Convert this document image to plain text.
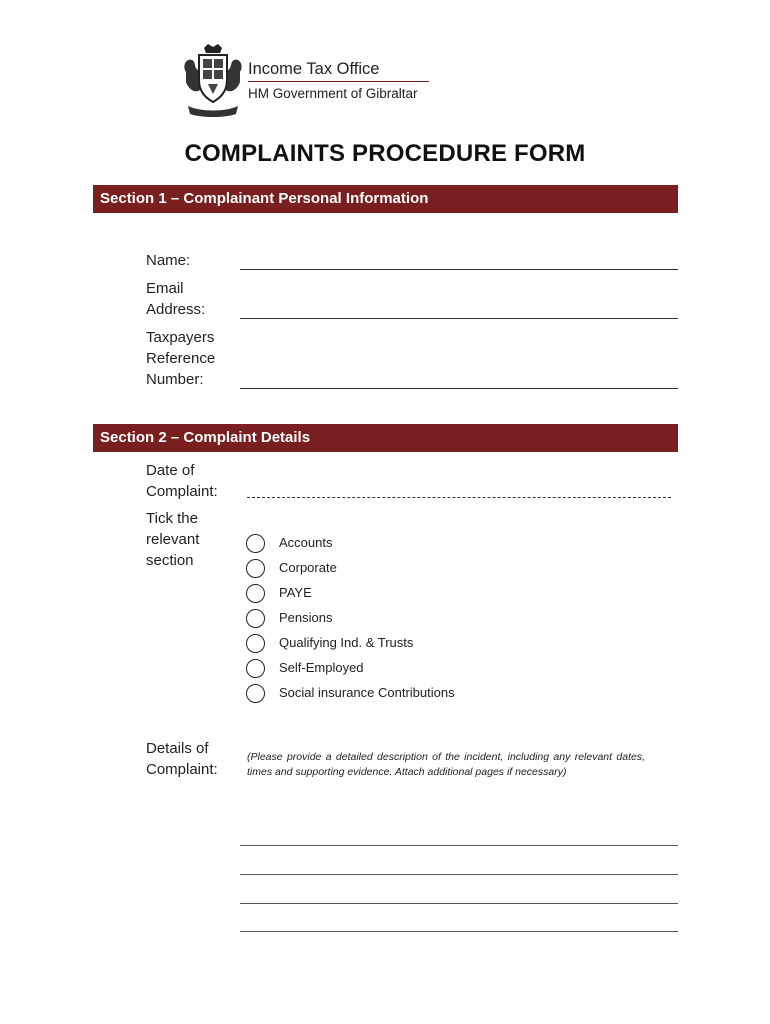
Income Tax Office
HM Government of Gibraltar
COMPLAINTS PROCEDURE FORM
Section 1 – Complainant Personal Information
Name:
Email
Address:
Taxpayers
Reference
Number:
Section 2 – Complaint Details
Date of
Complaint:
Tick the
relevant
section
Accounts
Corporate
PAYE
Pensions
Qualifying Ind. & Trusts
Self-Employed
Social insurance Contributions
Details of
Complaint:
(Please provide a detailed description of the incident, including any relevant dates, times and supporting evidence. Attach additional pages if necessary)
